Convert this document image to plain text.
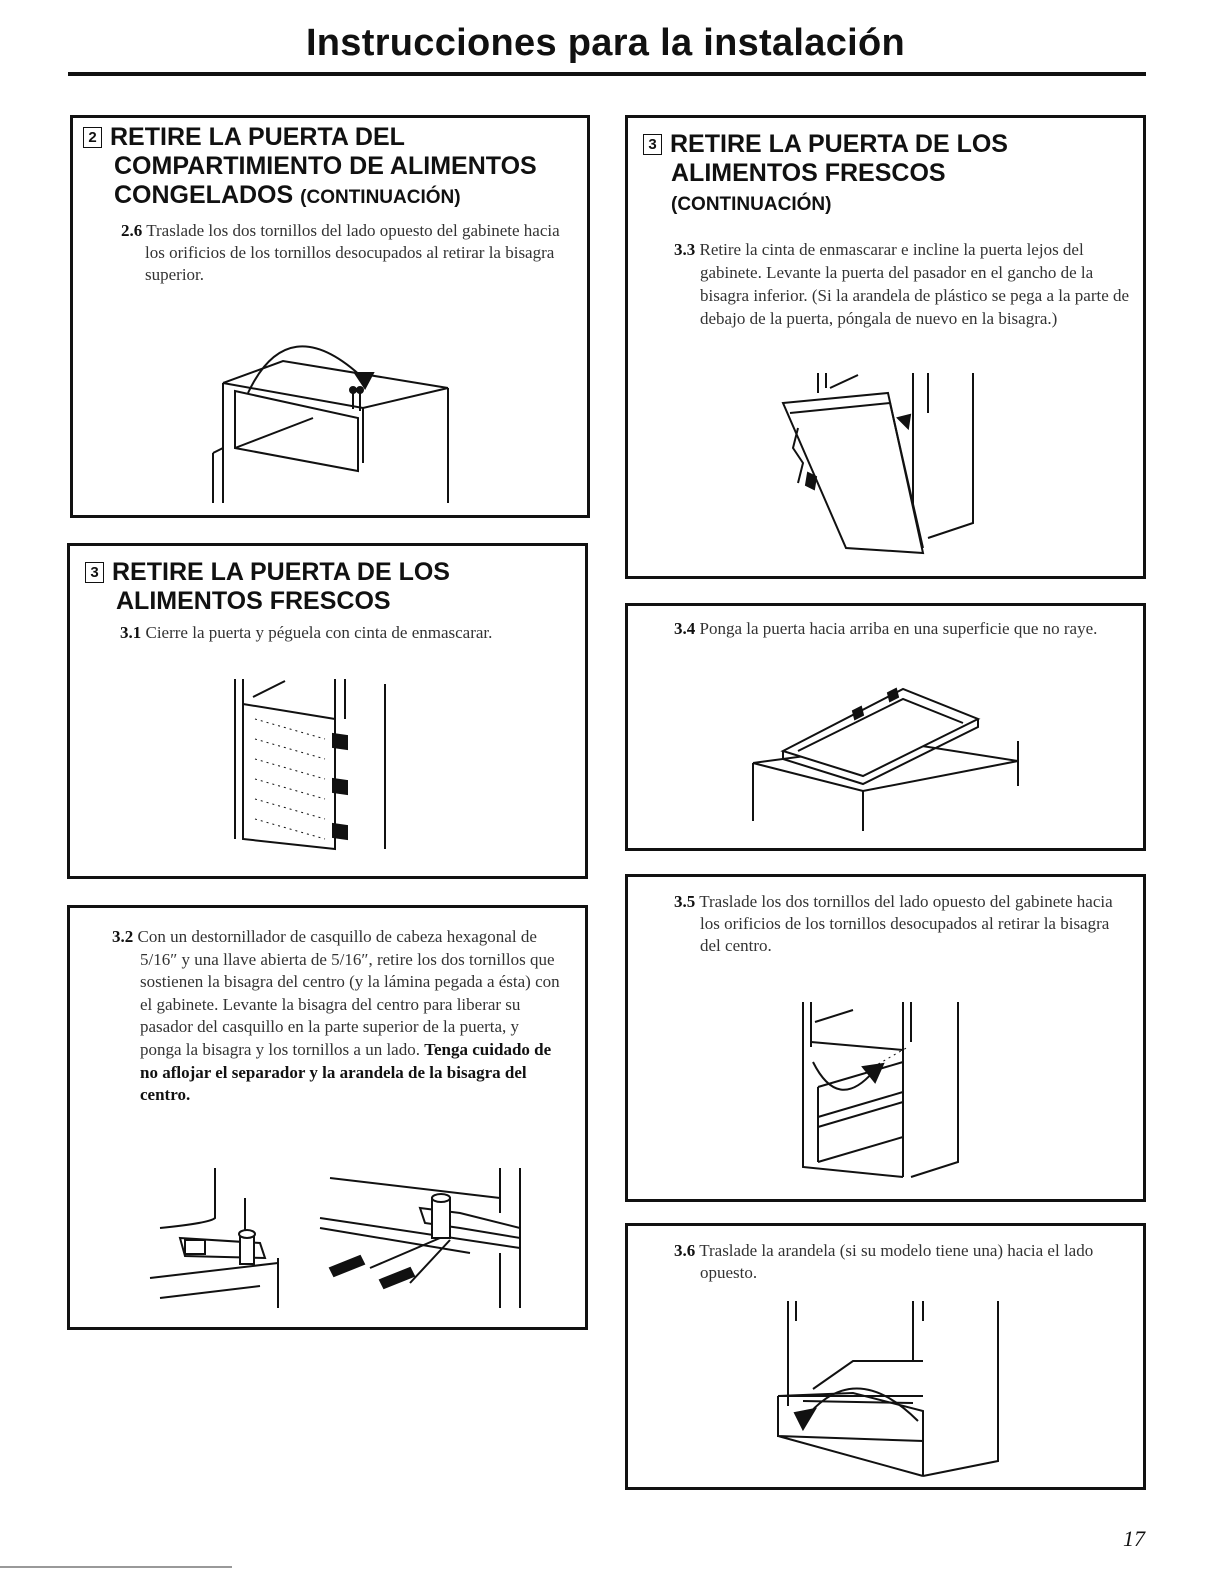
Instrucciones para la instalación
2 RETIRE LA PUERTA DEL
COMPARTIMIENTO DE ALIMENTOS
CONGELADOS (CONTINUACIÓN)

2.6 Traslade los dos tornillos del lado opuesto del gabinete hacia los orificios de los tornillos desocupados al retirar la bisagra superior.

3 RETIRE LA PUERTA DE LOS
ALIMENTOS FRESCOS

3.1 Cierre la puerta y péguela con cinta de enmascarar.

3.2 Con un destornillador de casquillo de cabeza hexagonal de 5/16″ y una llave abierta de 5/16″, retire los dos tornillos que sostienen la bisagra del centro (y la lámina pegada a ésta) con el gabinete. Levante la bisagra del centro para liberar su pasador del casquillo en la parte superior de la puerta, y ponga la bisagra y los tornillos a un lado. Tenga cuidado de no aflojar el separador y la arandela de la bisagra del centro.

3 RETIRE LA PUERTA DE LOS
ALIMENTOS FRESCOS
(CONTINUACIÓN)

3.3 Retire la cinta de enmascarar e incline la puerta lejos del gabinete. Levante la puerta del pasador en el gancho de la bisagra inferior. (Si la arandela de plástico se pega a la parte de debajo de la puerta, póngala de nuevo en la bisagra.)

3.4 Ponga la puerta hacia arriba en una superficie que no raye.

3.5 Traslade los dos tornillos del lado opuesto del gabinete hacia los orificios de los tornillos desocupados al retirar la bisagra del centro.

3.6 Traslade la arandela (si su modelo tiene una) hacia el lado opuesto.

17
